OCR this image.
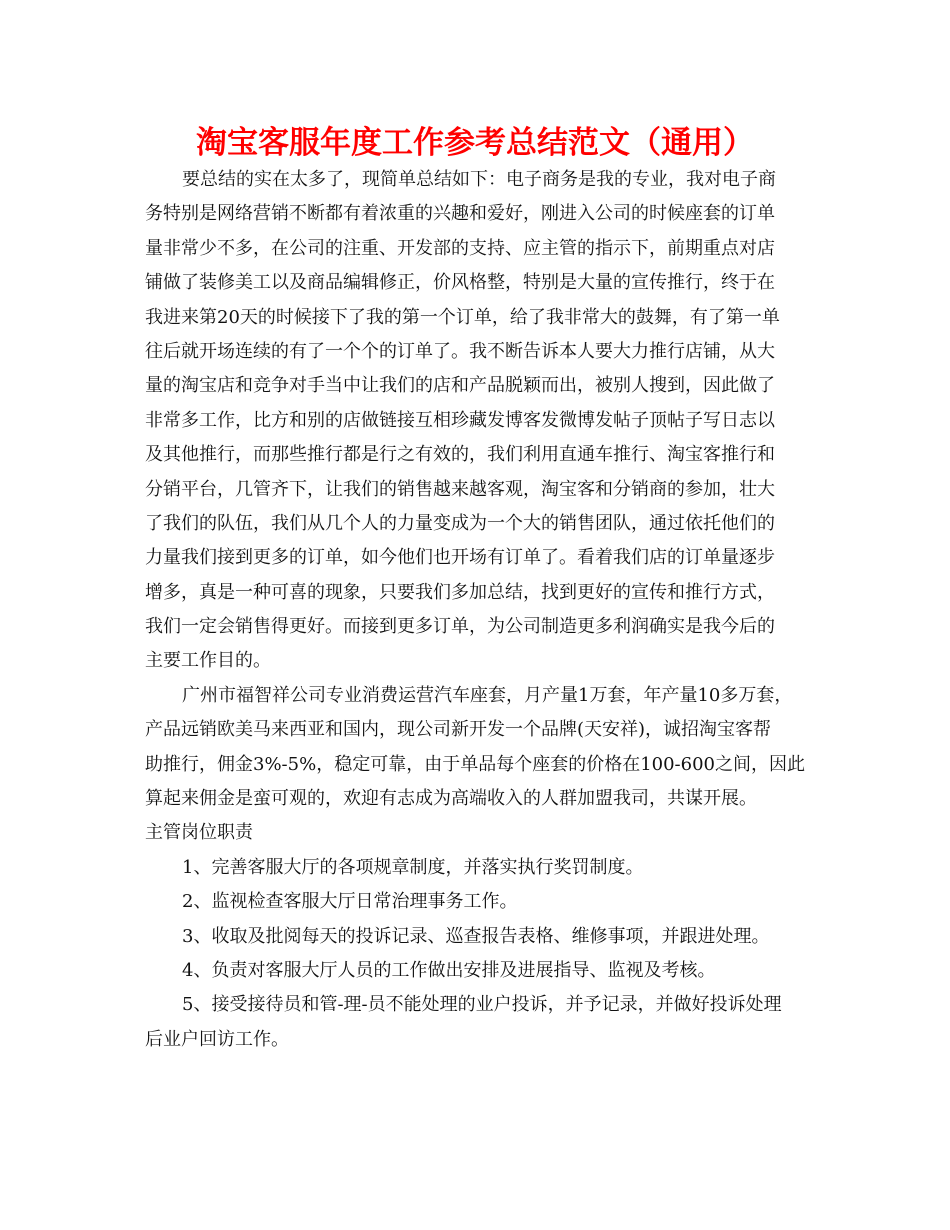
淘宝客服年度工作参考总结范文（通用）
要总结的实在太多了，现简单总结如下：电子商务是我的专业，我对电子商
务特别是网络营销不断都有着浓重的兴趣和爱好，刚进入公司的时候座套的订单
量非常少不多，在公司的注重、开发部的支持、应主管的指示下，前期重点对店
铺做了装修美工以及商品编辑修正，价风格整，特别是大量的宣传推行，终于在
我进来第20天的时候接下了我的第一个订单，给了我非常大的鼓舞，有了第一单
往后就开场连续的有了一个个的订单了。我不断告诉本人要大力推行店铺，从大
量的淘宝店和竞争对手当中让我们的店和产品脱颖而出，被别人搜到，因此做了
非常多工作，比方和别的店做链接互相珍藏发博客发微博发帖子顶帖子写日志以
及其他推行，而那些推行都是行之有效的，我们利用直通车推行、淘宝客推行和
分销平台，几管齐下，让我们的销售越来越客观，淘宝客和分销商的参加，壮大
了我们的队伍，我们从几个人的力量变成为一个大的销售团队，通过依托他们的
力量我们接到更多的订单，如今他们也开场有订单了。看着我们店的订单量逐步
增多，真是一种可喜的现象，只要我们多加总结，找到更好的宣传和推行方式，
我们一定会销售得更好。而接到更多订单，为公司制造更多利润确实是我今后的
主要工作目的。
广州市福智祥公司专业消费运营汽车座套，月产量1万套，年产量10多万套，
产品远销欧美马来西亚和国内，现公司新开发一个品牌(天安祥)，诚招淘宝客帮
助推行，佣金3%-5%，稳定可靠，由于单品每个座套的价格在100-600之间，因此
算起来佣金是蛮可观的，欢迎有志成为高端收入的人群加盟我司，共谋开展。
主管岗位职责
1、完善客服大厅的各项规章制度，并落实执行奖罚制度。
2、监视检查客服大厅日常治理事务工作。
3、收取及批阅每天的投诉记录、巡查报告表格、维修事项，并跟进处理。
4、负责对客服大厅人员的工作做出安排及进展指导、监视及考核。
5、接受接待员和管-理-员不能处理的业户投诉，并予记录，并做好投诉处理
后业户回访工作。
